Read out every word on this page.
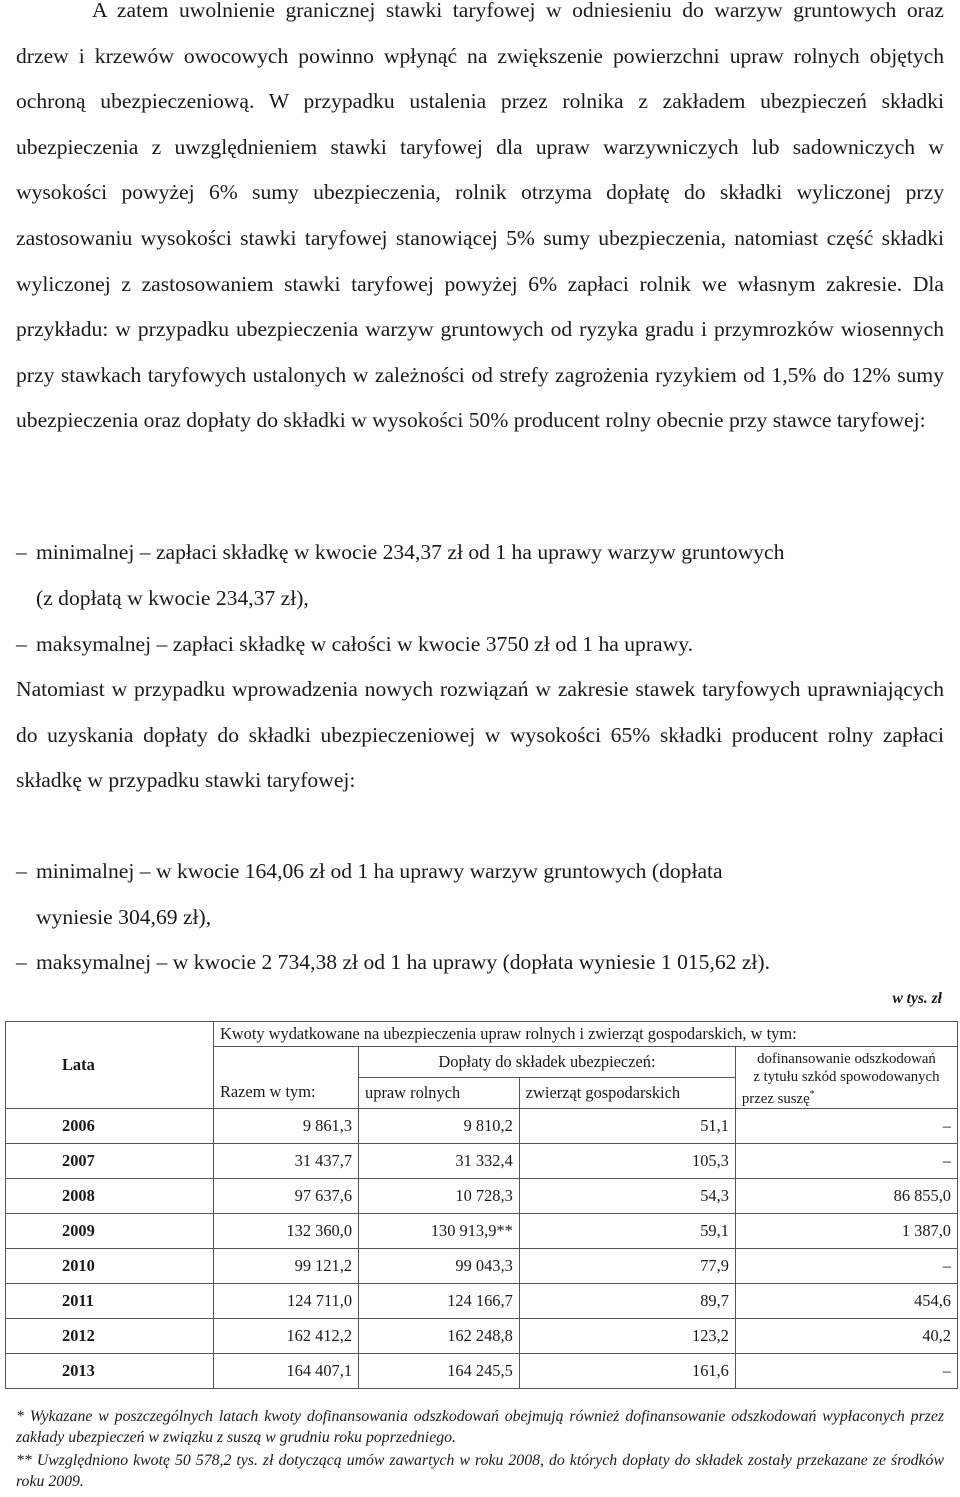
A zatem uwolnienie granicznej stawki taryfowej w odniesieniu do warzyw gruntowych oraz drzew i krzewów owocowych powinno wpłynąć na zwiększenie powierzchni upraw rolnych objętych ochroną ubezpieczeniową. W przypadku ustalenia przez rolnika z zakładem ubezpieczeń składki ubezpieczenia z uwzględnieniem stawki taryfowej dla upraw warzywniczych lub sadowniczych w wysokości powyżej 6% sumy ubezpieczenia, rolnik otrzyma dopłatę do składki wyliczonej przy zastosowaniu wysokości stawki taryfowej stanowiącej 5% sumy ubezpieczenia, natomiast część składki wyliczonej z zastosowaniem stawki taryfowej powyżej 6% zapłaci rolnik we własnym zakresie. Dla przykładu: w przypadku ubezpieczenia warzyw gruntowych od ryzyka gradu i przymrozków wiosennych przy stawkach taryfowych ustalonych w zależności od strefy zagrożenia ryzykiem od 1,5% do 12% sumy ubezpieczenia oraz dopłaty do składki w wysokości 50% producent rolny obecnie przy stawce taryfowej:

– minimalnej – zapłaci składkę w kwocie 234,37 zł od 1 ha uprawy warzyw gruntowych
(z dopłatą w kwocie 234,37 zł),

– maksymalnej – zapłaci składkę w całości w kwocie 3750 zł od 1 ha uprawy.

Natomiast w przypadku wprowadzenia nowych rozwiązań w zakresie stawek taryfowych uprawniających do uzyskania dopłaty do składki ubezpieczeniowej w wysokości 65% składki producent rolny zapłaci składkę w przypadku stawki taryfowej:

– minimalnej – w kwocie 164,06 zł od 1 ha uprawy warzyw gruntowych (dopłata
wyniesie 304,69 zł),

– maksymalnej – w kwocie 2 734,38 zł od 1 ha uprawy (dopłata wyniesie 1 015,62 zł).

w tys. zł
Lata	Kwoty wydatkowane na ubezpieczenia upraw rolnych i zwierząt gospodarskich, w tym:			
	Razem w tym:	Dopłaty do składek ubezpieczeń:		dofinansowanie odszkodowań
z tytułu szkód spowodowanych
przez suszę*

		upraw rolnych	zwierząt gospodarskich	
2006	9 861,3	9 810,2	51,1	–
2007	31 437,7	31 332,4	105,3	–
2008	97 637,6	10 728,3	54,3	86 855,0
2009	132 360,0	130 913,9**	59,1	1 387,0
2010	99 121,2	99 043,3	77,9	–
2011	124 711,0	124 166,7	89,7	454,6
2012	162 412,2	162 248,8	123,2	40,2
2013	164 407,1	164 245,5	161,6	–

* Wykazane w poszczególnych latach kwoty dofinansowania odszkodowań obejmują również dofinansowanie odszkodowań wypłaconych przez zakłady ubezpieczeń w związku z suszą w grudniu roku poprzedniego.

** Uwzględniono kwotę 50 578,2 tys. zł dotyczącą umów zawartych w roku 2008, do których dopłaty do składek zostały przekazane ze środków roku 2009.
